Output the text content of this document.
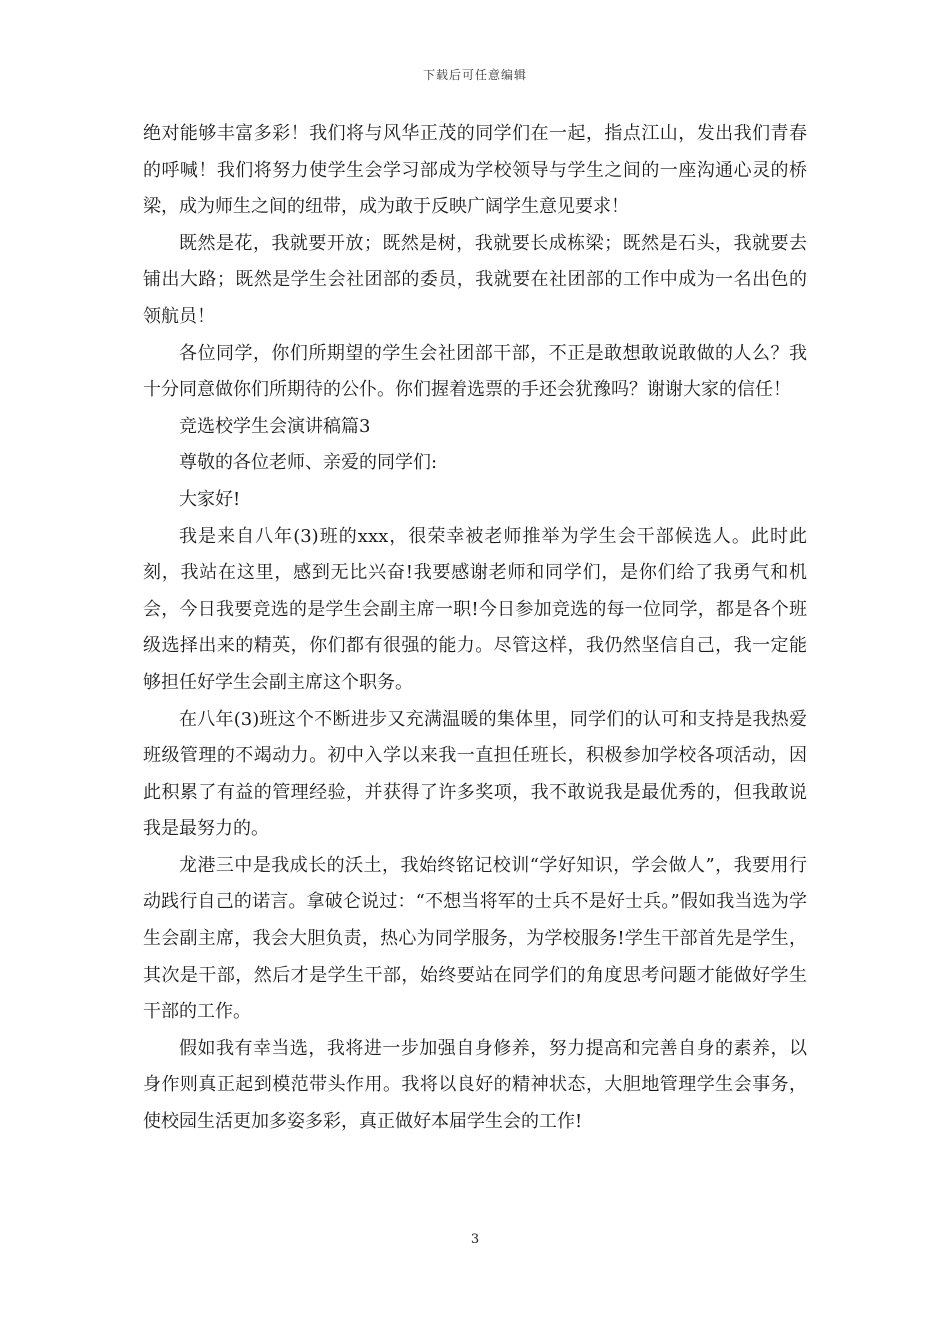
下载后可任意编辑

绝对能够丰富多彩！我们将与风华正茂的同学们在一起，指点江山，发出我们青春的呼喊！我们将努力使学生会学习部成为学校领导与学生之间的一座沟通心灵的桥梁，成为师生之间的纽带，成为敢于反映广阔学生意见要求！

既然是花，我就要开放；既然是树，我就要长成栋梁；既然是石头，我就要去铺出大路；既然是学生会社团部的委员，我就要在社团部的工作中成为一名出色的领航员！

各位同学，你们所期望的学生会社团部干部，不正是敢想敢说敢做的人么？我十分同意做你们所期待的公仆。你们握着选票的手还会犹豫吗？谢谢大家的信任！

竞选校学生会演讲稿篇3

尊敬的各位老师、亲爱的同学们:

大家好!

我是来自八年(3)班的xxx，很荣幸被老师推举为学生会干部候选人。此时此刻，我站在这里，感到无比兴奋!我要感谢老师和同学们，是你们给了我勇气和机会，今日我要竞选的是学生会副主席一职!今日参加竞选的每一位同学，都是各个班级选择出来的精英，你们都有很强的能力。尽管这样，我仍然坚信自己，我一定能够担任好学生会副主席这个职务。

在八年(3)班这个不断进步又充满温暖的集体里，同学们的认可和支持是我热爱班级管理的不竭动力。初中入学以来我一直担任班长，积极参加学校各项活动，因此积累了有益的管理经验，并获得了许多奖项，我不敢说我是最优秀的，但我敢说我是最努力的。

龙港三中是我成长的沃土，我始终铭记校训“学好知识，学会做人”，我要用行动践行自己的诺言。拿破仑说过：“不想当将军的士兵不是好士兵。”假如我当选为学生会副主席，我会大胆负责，热心为同学服务，为学校服务!学生干部首先是学生，其次是干部，然后才是学生干部，始终要站在同学们的角度思考问题才能做好学生干部的工作。

假如我有幸当选，我将进一步加强自身修养，努力提高和完善自身的素养，以身作则真正起到模范带头作用。我将以良好的精神状态，大胆地管理学生会事务，使校园生活更加多姿多彩，真正做好本届学生会的工作!

3
